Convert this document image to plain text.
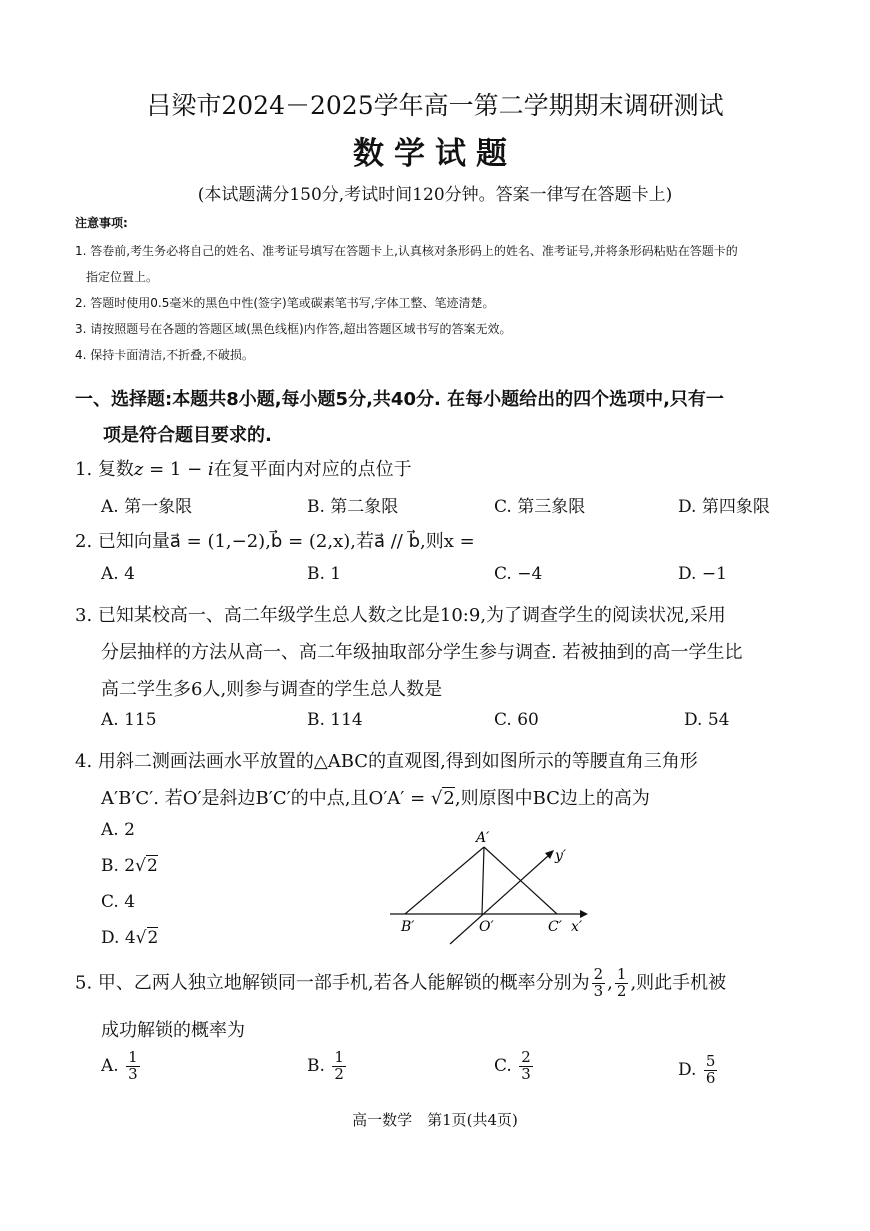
吕梁市2024－2025学年高一第二学期期末调研测试
数学试题
(本试题满分150分,考试时间120分钟。答案一律写在答题卡上)
注意事项:
1. 答卷前,考生务必将自己的姓名、准考证号填写在答题卡上,认真核对条形码上的姓名、准考证号,并将条形码粘贴在答题卡的
指定位置上。
2. 答题时使用0.5毫米的黑色中性(签字)笔或碳素笔书写,字体工整、笔迹清楚。
3. 请按照题号在各题的答题区域(黑色线框)内作答,超出答题区域书写的答案无效。
4. 保持卡面清洁,不折叠,不破损。
一、选择题:本题共8小题,每小题5分,共40分. 在每小题给出的四个选项中,只有一
项是符合题目要求的.
1. 复数z = 1 − i在复平面内对应的点位于
A. 第一象限	B. 第二象限	C. 第三象限	D. 第四象限
2. 已知向量a⃗ = (1,−2),b⃗ = (2,x),若a⃗ // b⃗,则x =
A. 4	B. 1	C. −4	D. −1
3. 已知某校高一、高二年级学生总人数之比是10:9,为了调查学生的阅读状况,采用
分层抽样的方法从高一、高二年级抽取部分学生参与调查. 若被抽到的高一学生比
高二学生多6人,则参与调查的学生总人数是
A. 115	B. 114	C. 60	D. 54
4. 用斜二测画法画水平放置的△ABC的直观图,得到如图所示的等腰直角三角形
A′B′C′. 若O′是斜边B′C′的中点,且O′A′ = √2,则原图中BC边上的高为
A. 2
B. 2√2
C. 4
D. 4√2
A′
B′	O′	C′ x′
y′
5. 甲、乙两人独立地解锁同一部手机,若各人能解锁的概率分别为 $\frac{2}{3}$ , $\frac{1}{2}$ ,则此手机被
成功解锁的概率为
A. $\frac{1}{3}$	B. $\frac{1}{2}$	C. $\frac{2}{3}$	D. $\frac{5}{6}$
高一数学　第1页(共4页)
